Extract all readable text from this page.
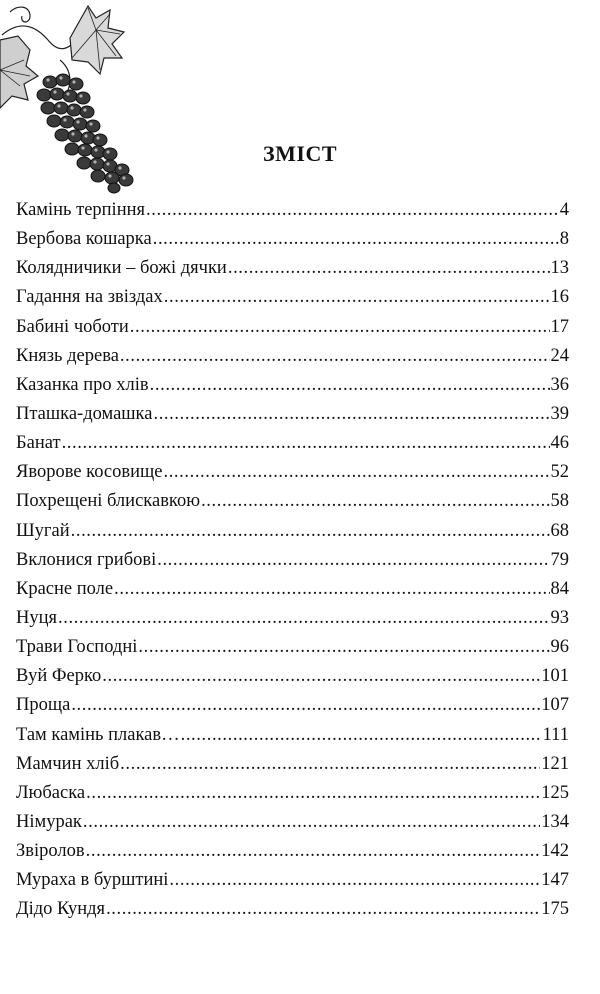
ЗМІСТ
Камінь терпіння .....	4
Вербова кошарка .....	8
Колядничики – божі дячки .....	13
Гадання на звіздах .....	16
Бабині чоботи .....	17
Князь дерева .....	24
Казанка про хлів .....	36
Пташка-домашка .....	39
Банат .....	46
Яворове косовище .....	52
Похрещені блискавкою .....	58
Шугай .....	68
Вклонися грибові .....	79
Красне поле .....	84
Нуця .....	93
Трави Господні .....	96
Вуй Ферко .....	101
Проща .....	107
Там камінь плакав… .....	111
Мамчин хліб .....	121
Любаска .....	125
Німурак .....	134
Звіролов .....	142
Мураха в бурштині .....	147
Дідо Кундя .....	175
